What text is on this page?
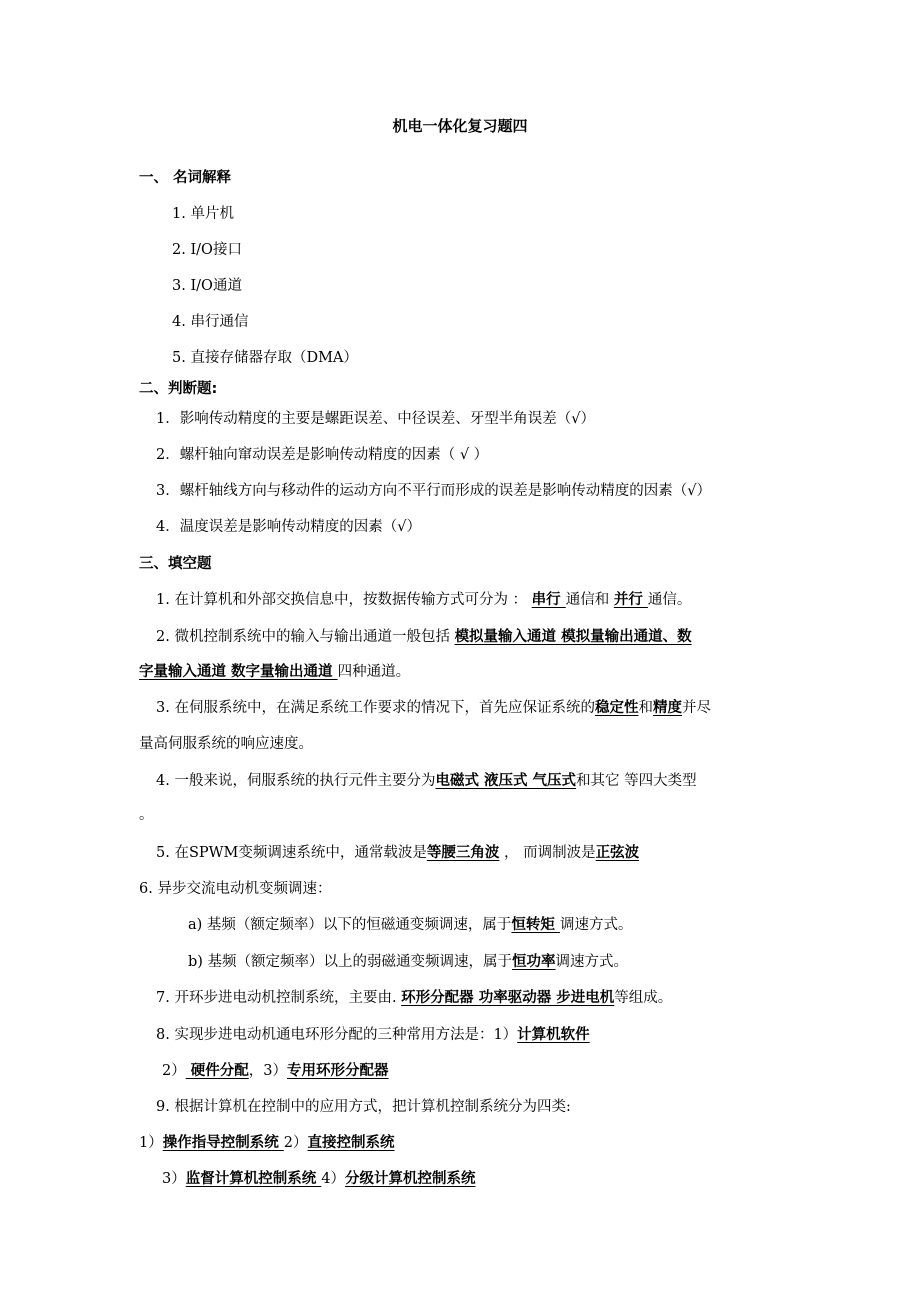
机电一体化复习题四
一、 名词解释
1. 单片机
2. I/O接口
3. I/O通道
4. 串行通信
5. 直接存储器存取（DMA）
二、判断题:
1．影响传动精度的主要是螺距误差、中径误差、牙型半角误差（√）
2．螺杆轴向窜动误差是影响传动精度的因素（ √ ）
3．螺杆轴线方向与移动件的运动方向不平行而形成的误差是影响传动精度的因素（√）
4．温度误差是影响传动精度的因素（√）
三、填空题
1. 在计算机和外部交换信息中，按数据传输方式可分为 ： 串行 通信和 并行 通信。
2. 微机控制系统中的输入与输出通道一般包括 模拟量输入通道 模拟量输出通道、数
字量输入通道 数字量输出通道 四种通道。
3. 在伺服系统中，在满足系统工作要求的情况下，首先应保证系统的稳定性和精度并尽
量高伺服系统的响应速度。
4. 一般来说，伺服系统的执行元件主要分为电磁式 液压式 气压式和其它 等四大类型
。
5. 在SPWM变频调速系统中，通常载波是等腰三角波 ， 而调制波是正弦波
6. 异步交流电动机变频调速：
a) 基频（额定频率）以下的恒磁通变频调速，属于恒转矩 调速方式。
b) 基频（额定频率）以上的弱磁通变频调速，属于恒功率调速方式。
7. 开环步进电动机控制系统，主要由. 环形分配器 功率驱动器 步进电机等组成。
8. 实现步进电动机通电环形分配的三种常用方法是：1）计算机软件
2） 硬件分配，3）专用环形分配器
9. 根据计算机在控制中的应用方式，把计算机控制系统分为四类:
1）操作指导控制系统 2）直接控制系统
3）监督计算机控制系统 4）分级计算机控制系统
